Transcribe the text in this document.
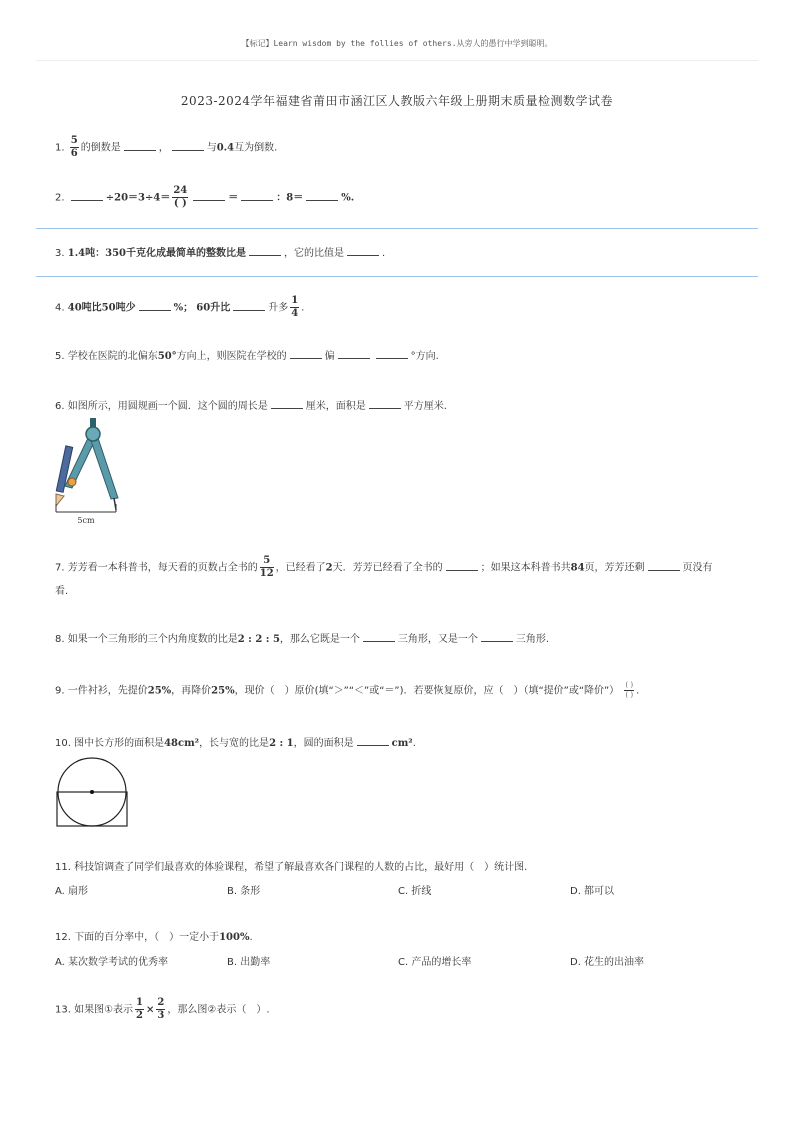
【标记】Learn wisdom by the follies of others.从旁人的愚行中学到聪明。
2023-2024学年福建省莆田市涵江区人教版六年级上册期末质量检测数学试卷
1. $\frac{5}{6}$ 的倒数是	，	与0.4互为倒数.
2.	$\div 20=3\div 4= \frac{24}{( )}$	＝	：8＝	%.
3. 1.4吨：350千克化成最简单的整数比是	，它的比值是	.
4. 40吨比50吨少	%； 60升比	升多 $\frac{1}{4}$ .
5. 学校在医院的北偏东50°方向上，则医院在学校的	偏	°方向.
6. 如图所示，用圆规画一个圆．这个圆的周长是	厘米，面积是	平方厘米.
5cm
7. 芳芳看一本科普书，每天看的页数占全书的 $\frac{5}{12}$ ，已经看了2天．芳芳已经看了全书的	；如果这本科普书共84页，芳芳还剩	页没有
看.
8. 如果一个三角形的三个内角度数的比是2 : 2 : 5，那么它既是一个	三角形，又是一个	三角形.
9. 一件衬衫，先提价25%，再降价25%，现价（　）原价(填“＞”“＜”或“＝”)．若要恢复原价，应（　）（填“提价”或“降价”） $\frac{( )}{( )}$ .
10. 图中长方形的面积是48cm²，长与宽的比是2 : 1，圆的面积是	cm².
11. 科技馆调查了同学们最喜欢的体验课程，希望了解最喜欢各门课程的人数的占比，最好用（　）统计图.
A. 扇形	B. 条形	C. 折线	D. 都可以
12. 下面的百分率中，（　）一定小于100%.
A. 某次数学考试的优秀率	B. 出勤率	C. 产品的增长率	D. 花生的出油率
13. 如果图①表示 $\frac{1}{2} \times \frac{2}{3}$ ，那么图②表示（　）.
